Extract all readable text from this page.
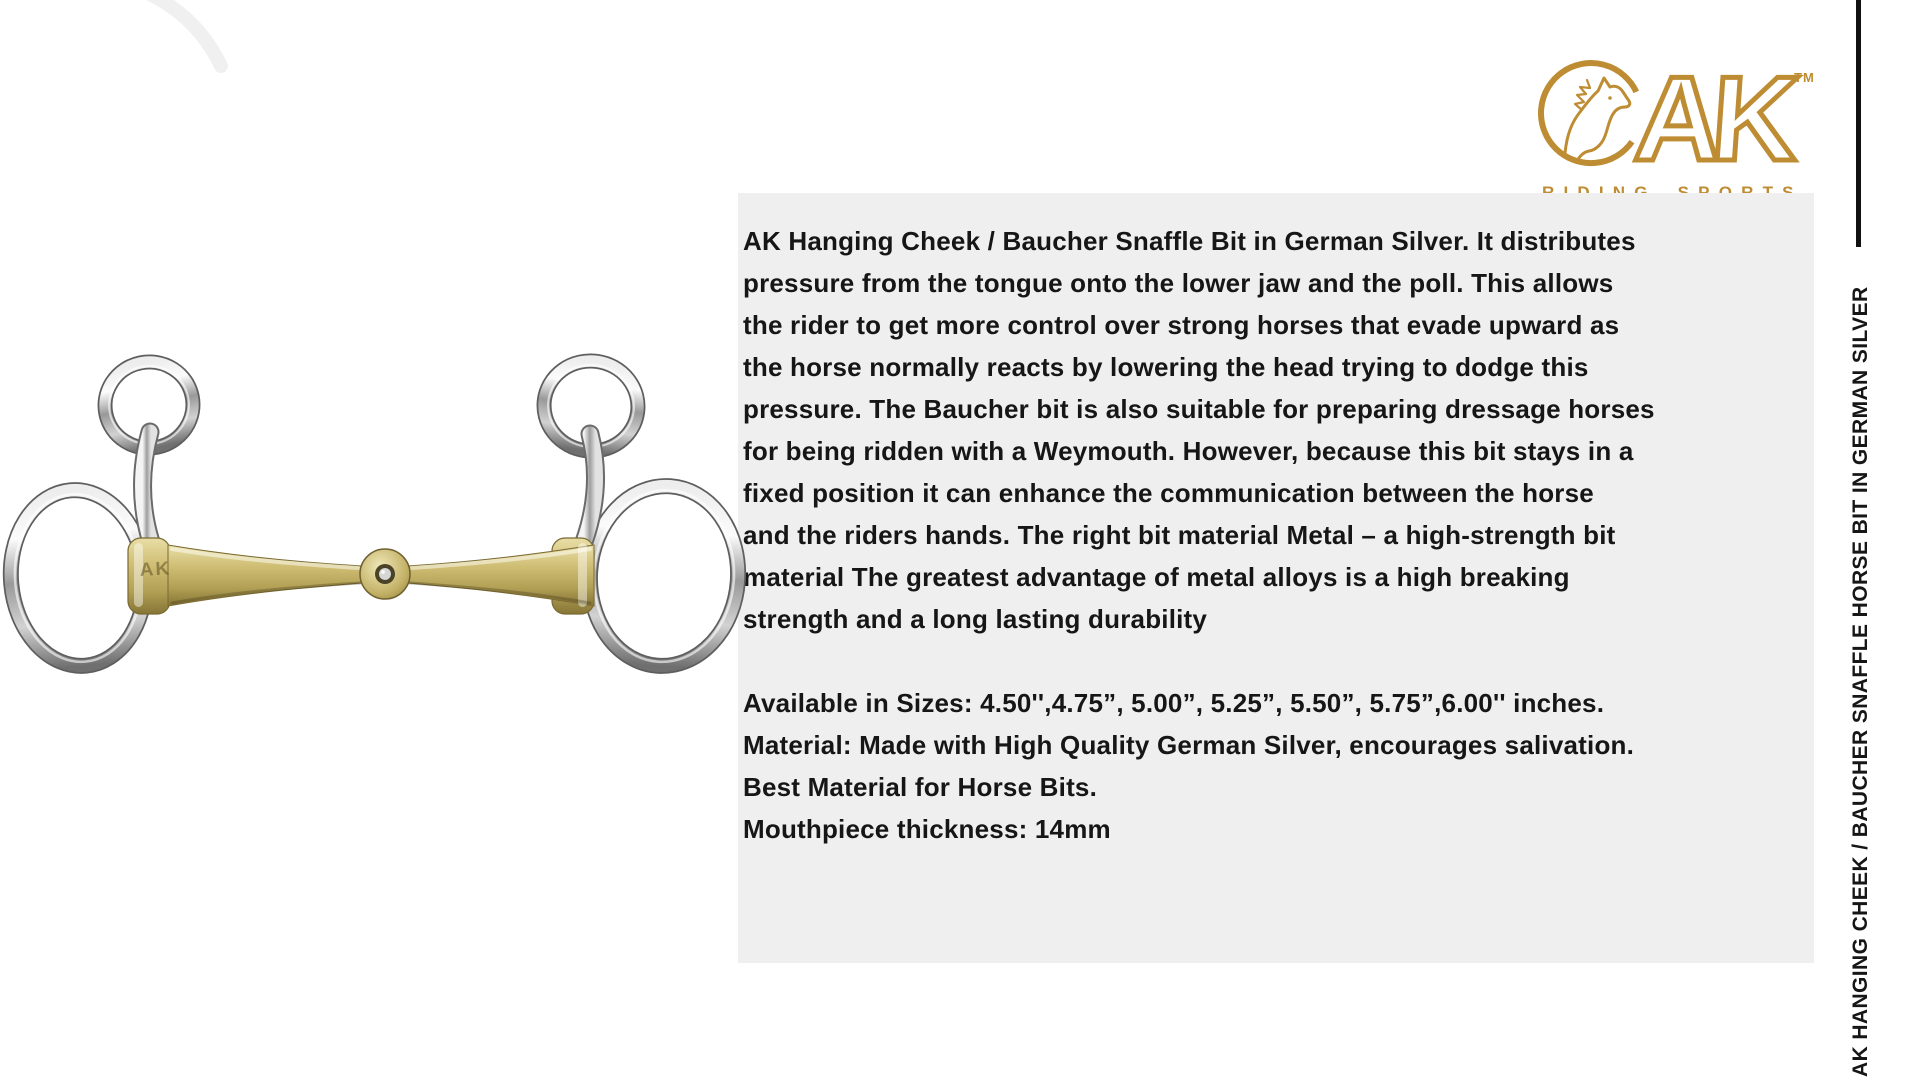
AK TM
AK Hanging Cheek / Baucher Snaffle Bit in German Silver. It distributes
pressure from the tongue onto the lower jaw and the poll. This allows
the rider to get more control over strong horses that evade upward as
the horse normally reacts by lowering the head trying to dodge this
pressure. The Baucher bit is also suitable for preparing dressage horses
for being ridden with a Weymouth. However, because this bit stays in a
fixed position it can enhance the communication between the horse
and the riders hands. The right bit material Metal – a high-strength bit
material The greatest advantage of metal alloys is a high breaking
strength and a long lasting durability
Available in Sizes: 4.50'',4.75”, 5.00”, 5.25”, 5.50”, 5.75”,6.00'' inches.
Material: Made with High Quality German Silver, encourages salivation.
Best Material for Horse Bits.
Mouthpiece thickness: 14mm	AK HANGING CHEEK / BAUCHER SNAFFLE HORSE BIT IN GERMAN SILVER
AK
